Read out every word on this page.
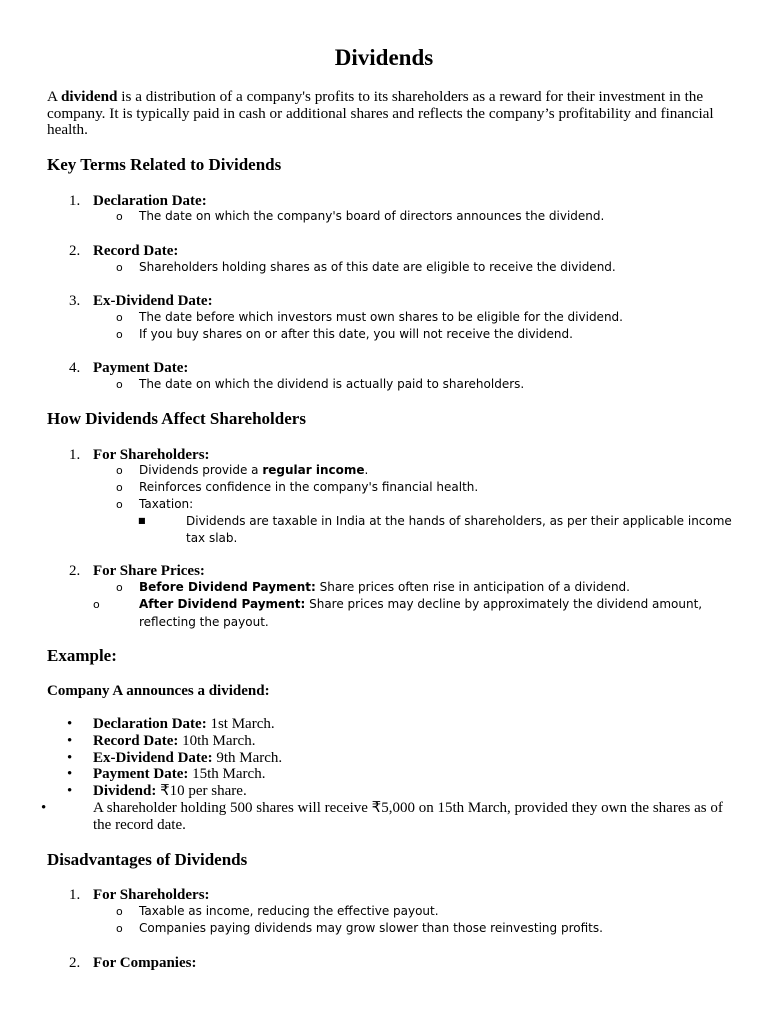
Dividends

A dividend is a distribution of a company's profits to its shareholders as a reward for their investment in the company. It is typically paid in cash or additional shares and reflects the company’s profitability and financial health.

Key Terms Related to Dividends
1. Declaration Date:
o The date on which the company's board of directors announces the dividend.
2. Record Date:
o Shareholders holding shares as of this date are eligible to receive the dividend.
3. Ex-Dividend Date:
o The date before which investors must own shares to be eligible for the dividend.
o If you buy shares on or after this date, you will not receive the dividend.
4. Payment Date:
o The date on which the dividend is actually paid to shareholders.
How Dividends Affect Shareholders
1. For Shareholders:
o Dividends provide a regular income.
o Reinforces confidence in the company's financial health.
o Taxation:
■	Dividends are taxable in India at the hands of shareholders, as per their applicable income tax slab.
2. For Share Prices:
o Before Dividend Payment: Share prices often rise in anticipation of a dividend.
o	After Dividend Payment: Share prices may decline by approximately the dividend amount, reflecting the payout.
Example:
Company A announces a dividend:
• Declaration Date: 1st March.
• Record Date: 10th March.
• Ex-Dividend Date: 9th March.
• Payment Date: 15th March.
• Dividend: ₹10 per share.
•	A shareholder holding 500 shares will receive ₹5,000 on 15th March, provided they own the shares as of the record date.
Disadvantages of Dividends
1. For Shareholders:
o Taxable as income, reducing the effective payout.
o Companies paying dividends may grow slower than those reinvesting profits.
2. For Companies:
